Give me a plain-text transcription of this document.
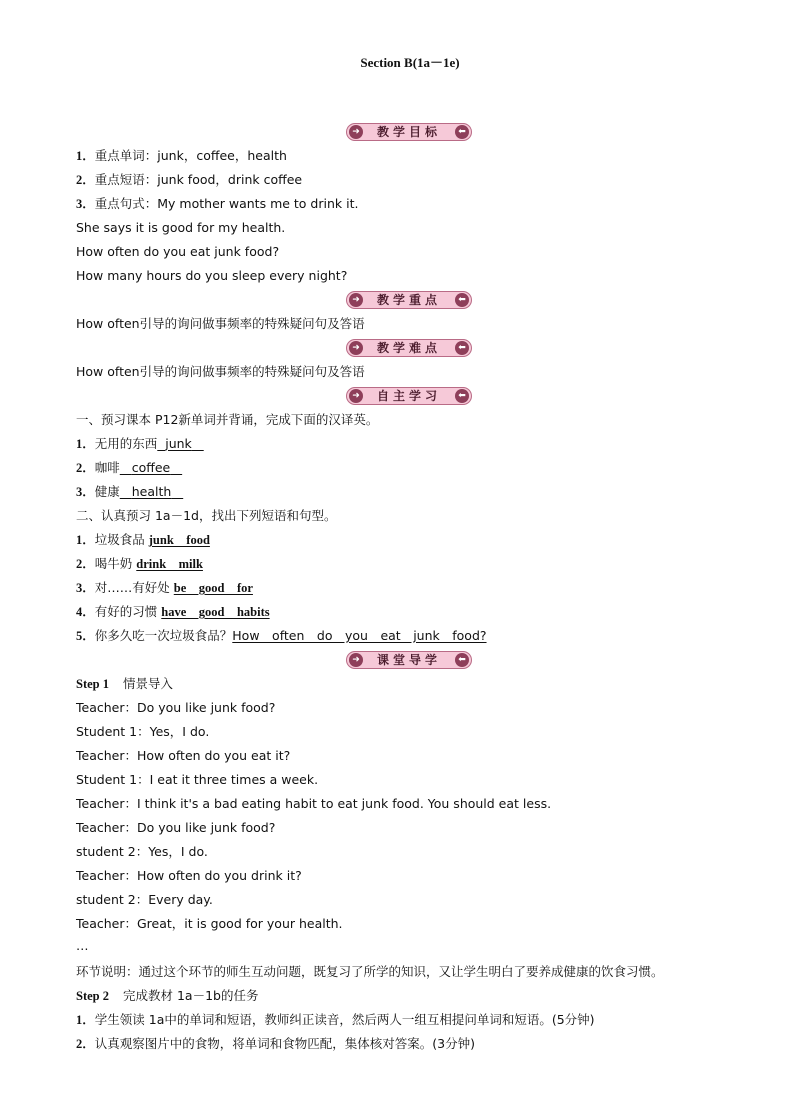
Section B(1a－1e)
➜	教学目标	⬅
1．重点单词：junk，coffee，health
2．重点短语：junk food，drink coffee
3．重点句式：My mother wants me to drink it.
She says it is good for my health.
How often do you eat junk food?
How many hours do you sleep every night?
➜	教学重点	⬅
How often引导的询问做事频率的特殊疑问句及答语
➜	教学难点	⬅
How often引导的询问做事频率的特殊疑问句及答语
➜	自主学习	⬅
一、预习课本 P12新单词并背诵，完成下面的汉译英。
1．无用的东西 junk
2．咖啡 coffee
3．健康 health
二、认真预习 1a－1d，找出下列短语和句型。
1．垃圾食品 junk　food
2．喝牛奶 drink　milk
3．对……有好处 be　good　for
4．有好的习惯 have　good　habits
5．你多久吃一次垃圾食品？How　often　do　you　eat　junk　food?
➜	课堂导学	⬅
Step 1 情景导入
Teacher：Do you like junk food?
Student 1：Yes，I do.
Teacher：How often do you eat it?
Student 1：I eat it three times a week.
Teacher：I think it's a bad eating habit to eat junk food. You should eat less.
Teacher：Do you like junk food?
student 2：Yes，I do.
Teacher：How often do you drink it?
student 2：Every day.
Teacher：Great，it is good for your health.
…
环节说明：通过这个环节的师生互动问题，既复习了所学的知识，又让学生明白了要养成健康的饮食习惯。
Step 2 完成教材 1a－1b的任务
1．学生领读 1a中的单词和短语，教师纠正读音，然后两人一组互相提问单词和短语。(5分钟)
2．认真观察图片中的食物，将单词和食物匹配，集体核对答案。(3分钟)
